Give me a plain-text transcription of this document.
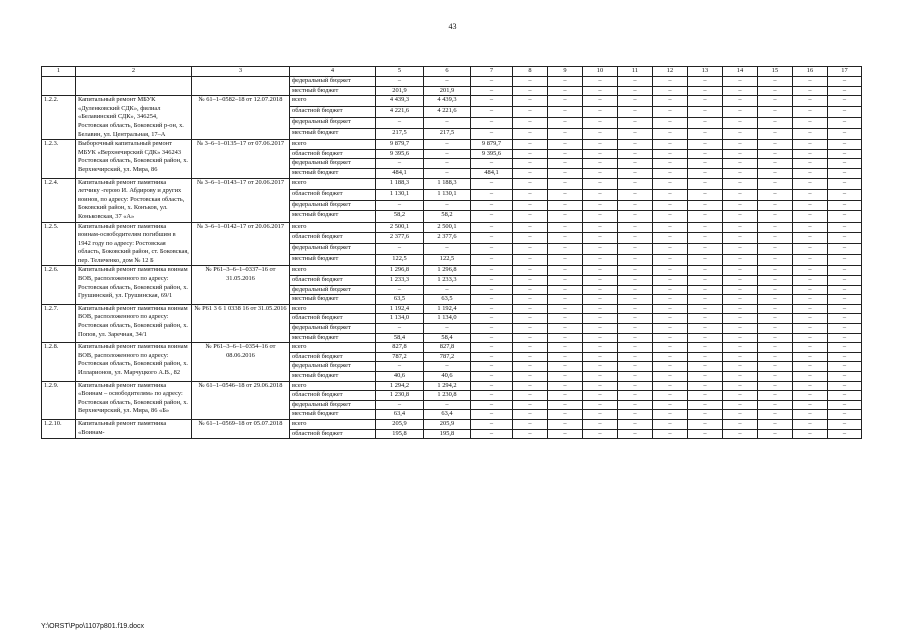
43
1	2	3	4	5	6	7	8	9	10	11	12	13	14	15	16	17
			федеральный бюджет	–	–	–	–	–	–	–	–	–	–	–	–	–
			местный бюджет	201,9	201,9	–	–	–	–	–	–	–	–	–	–	–
1.2.2.	Капитальный ремонт МБУК «Дуленковский СДК», филиал «Белавинский СДК», 346254, Ростовская область, Боковский р-он, х. Белавин, ул. Центральная, 17–А	№ 61–1–0582–18 от 12.07.2018	всего	4 439,3	4 439,3	–	–	–	–	–	–	–	–	–	–	–
			областной бюджет	4 221,6	4 221,6	–	–	–	–	–	–	–	–	–	–	–
			федеральный бюджет	–	–	–	–	–	–	–	–	–	–	–	–	–
			местный бюджет	217,5	217,5	–	–	–	–	–	–	–	–	–	–	–
1.2.3.	Выборочный капитальный ремонт МБУК «Верхнечирский СДК» 346243 Ростовская область, Боковский район, х. Верхнечирский, ул. Мира, 86	№ 3–6–1–0135–17 от 07.06.2017	всего	9 879,7	–	9 879,7	–	–	–	–	–	–	–	–	–	–
			областной бюджет	9 395,6	–	9 395,6	–	–	–	–	–	–	–	–	–	–
			федеральный бюджет	–	–	–	–	–	–	–	–	–	–	–	–	–
			местный бюджет	484,1	–	484,1	–	–	–	–	–	–	–	–	–	–
1.2.4.	Капитальный ремонт памятника летчику -герою И. Абдирову и других воинов, по адресу: Ростовская область, Боковский район, х. Конъков, ул. Коньковская, 37 «А»	№ 3–6–1–0143–17 от 20.06.2017	всего	1 188,3	1 188,3	–	–	–	–	–	–	–	–	–	–	–
			областной бюджет	1 130,1	1 130,1	–	–	–	–	–	–	–	–	–	–	–
			федеральный бюджет	–	–	–	–	–	–	–	–	–	–	–	–	–
			местный бюджет	58,2	58,2	–	–	–	–	–	–	–	–	–	–	–
1.2.5.	Капитальный ремонт памятника воинам-освободителям погибшим в 1942 году по адресу: Ростовская область, Боковский район, ст. Боковская, пер. Теличенко, дом № 12 Б	№ 3–6–1–0142–17 от 20.06.2017	всего	2 500,1	2 500,1	–	–	–	–	–	–	–	–	–	–	–
			областной бюджет	2 377,6	2 377,6	–	–	–	–	–	–	–	–	–	–	–
			федеральный бюджет	–	–	–	–	–	–	–	–	–	–	–	–	–
			местный бюджет	122,5	122,5	–	–	–	–	–	–	–	–	–	–	–
1.2.6.	Капитальный ремонт памятника воинам ВОВ, расположенного по адресу: Ростовская область, Боковский район, х. Грушинский, ул. Грушинская, 69/1	№ Р61–3–6–1–0337–16 от 31.05.2016	всего	1 296,8	1 296,8	–	–	–	–	–	–	–	–	–	–	–
			областной бюджет	1 233,3	1 233,3	–	–	–	–	–	–	–	–	–	–	–
			федеральный бюджет	–	–	–	–	–	–	–	–	–	–	–	–	–
			местный бюджет	63,5	63,5	–	–	–	–	–	–	–	–	–	–	–
1.2.7.	Капитальный ремонт памятника воинам ВОВ, расположенного по адресу: Ростовская область, Боковский район, х. Попов, ул. Заречная, 34/1	№ Р61 3 6 1 0338 16 от 31.05.2016	всего	1 192,4	1 192,4	–	–	–	–	–	–	–	–	–	–	–
			областной бюджет	1 134,0	1 134,0	–	–	–	–	–	–	–	–	–	–	–
			федеральный бюджет	–	–	–	–	–	–	–	–	–	–	–	–	–
			местный бюджет	58,4	58,4	–	–	–	–	–	–	–	–	–	–	–
1.2.8.	Капитальный ремонт памятника воинам ВОВ, расположенного по адресу: Ростовская область, Боковский район, х. Илларионов, ул. Марчуцкого А.В., 82	№ Р61–3–6–1–0354–16 от 08.06.2016	всего	827,8	827,8	–	–	–	–	–	–	–	–	–	–	–
			областной бюджет	787,2	787,2	–	–	–	–	–	–	–	–	–	–	–
			федеральный бюджет	–	–	–	–	–	–	–	–	–	–	–	–	–
			местный бюджет	40,6	40,6	–	–	–	–	–	–	–	–	–	–	–
1.2.9.	Капитальный ремонт памятника «Воинам – освободителям» по адресу: Ростовская область, Боковский район, х. Верхнечирский, ул. Мира, 86 «Б»	№ 61–1–0546–18 от 29.06.2018	всего	1 294,2	1 294,2	–	–	–	–	–	–	–	–	–	–	–
			областной бюджет	1 230,8	1 230,8	–	–	–	–	–	–	–	–	–	–	–
			федеральный бюджет	–	–	–	–	–	–	–	–	–	–	–	–	–
			местный бюджет	63,4	63,4	–	–	–	–	–	–	–	–	–	–	–
1.2.10.	Капитальный ремонт памятника «Воинам-	№ 61–1–0569–18 от 05.07.2018	всего	205,9	205,9	–	–	–	–	–	–	–	–	–	–	–
			областной бюджет	195,8	195,8	–	–	–	–	–	–	–	–	–	–	–
Y:\ORST\Ppo\1107p801.f19.docx
